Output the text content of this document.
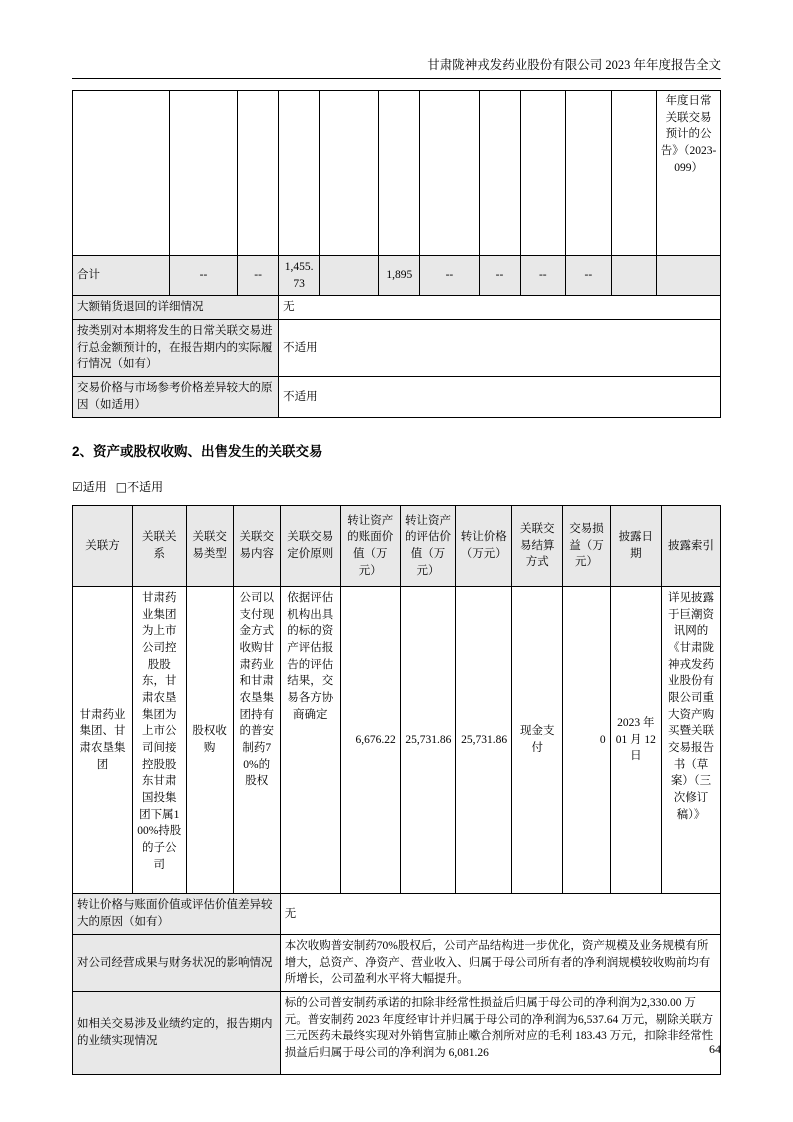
甘肃陇神戎发药业股份有限公司 2023 年年度报告全文
											年度日常关联交易预计的公告》（2023-099）
合计	--	--	1,455.73		1,895	--	--	--	--		
大额销货退回的详细情况			无								
按类别对本期将发生的日常关联交易进行总金额预计的，在报告期内的实际履行情况（如有）			不适用								
交易价格与市场参考价格差异较大的原因（如适用）			不适用								
2、资产或股权收购、出售发生的关联交易
☑适用 □不适用
关联方	关联关系	关联交易类型	关联交易内容	关联交易定价原则	转让资产的账面价值（万元）	转让资产的评估价值（万元）	转让价格（万元）	关联交易结算方式	交易损益（万元）	披露日期	披露索引
甘肃药业集团、甘肃农垦集团	甘肃药业集团为上市公司控股股东，甘肃农垦集团为上市公司间接控股股东甘肃国投集团下属100%持股的子公司	股权收购	公司以支付现金方式收购甘肃药业和甘肃农垦集团持有的普安制药70%的股权	依据评估机构出具的标的资产评估报告的评估结果，交易各方协商确定	6,676.22	25,731.86	25,731.86	现金支付	0	2023 年 01 月 12 日	详见披露于巨潮资讯网的《甘肃陇神戎发药业股份有限公司重大资产购买暨关联交易报告书（草案）（三次修订稿）》
转让价格与账面价值或评估价值差异较大的原因（如有）				无							
对公司经营成果与财务状况的影响情况				本次收购普安制药70%股权后，公司产品结构进一步优化，资产规模及业务规模有所增大，总资产、净资产、营业收入、归属于母公司所有者的净利润规模较收购前均有所增长，公司盈利水平将大幅提升。							
如相关交易涉及业绩约定的，报告期内的业绩实现情况				标的公司普安制药承诺的扣除非经常性损益后归属于母公司的净利润为2,330.00 万元。普安制药 2023 年度经审计并归属于母公司的净利润为6,537.64 万元，剔除关联方三元医药未最终实现对外销售宣肺止嗽合剂所对应的毛利 183.43 万元，扣除非经常性损益后归属于母公司的净利润为 6,081.26								64
